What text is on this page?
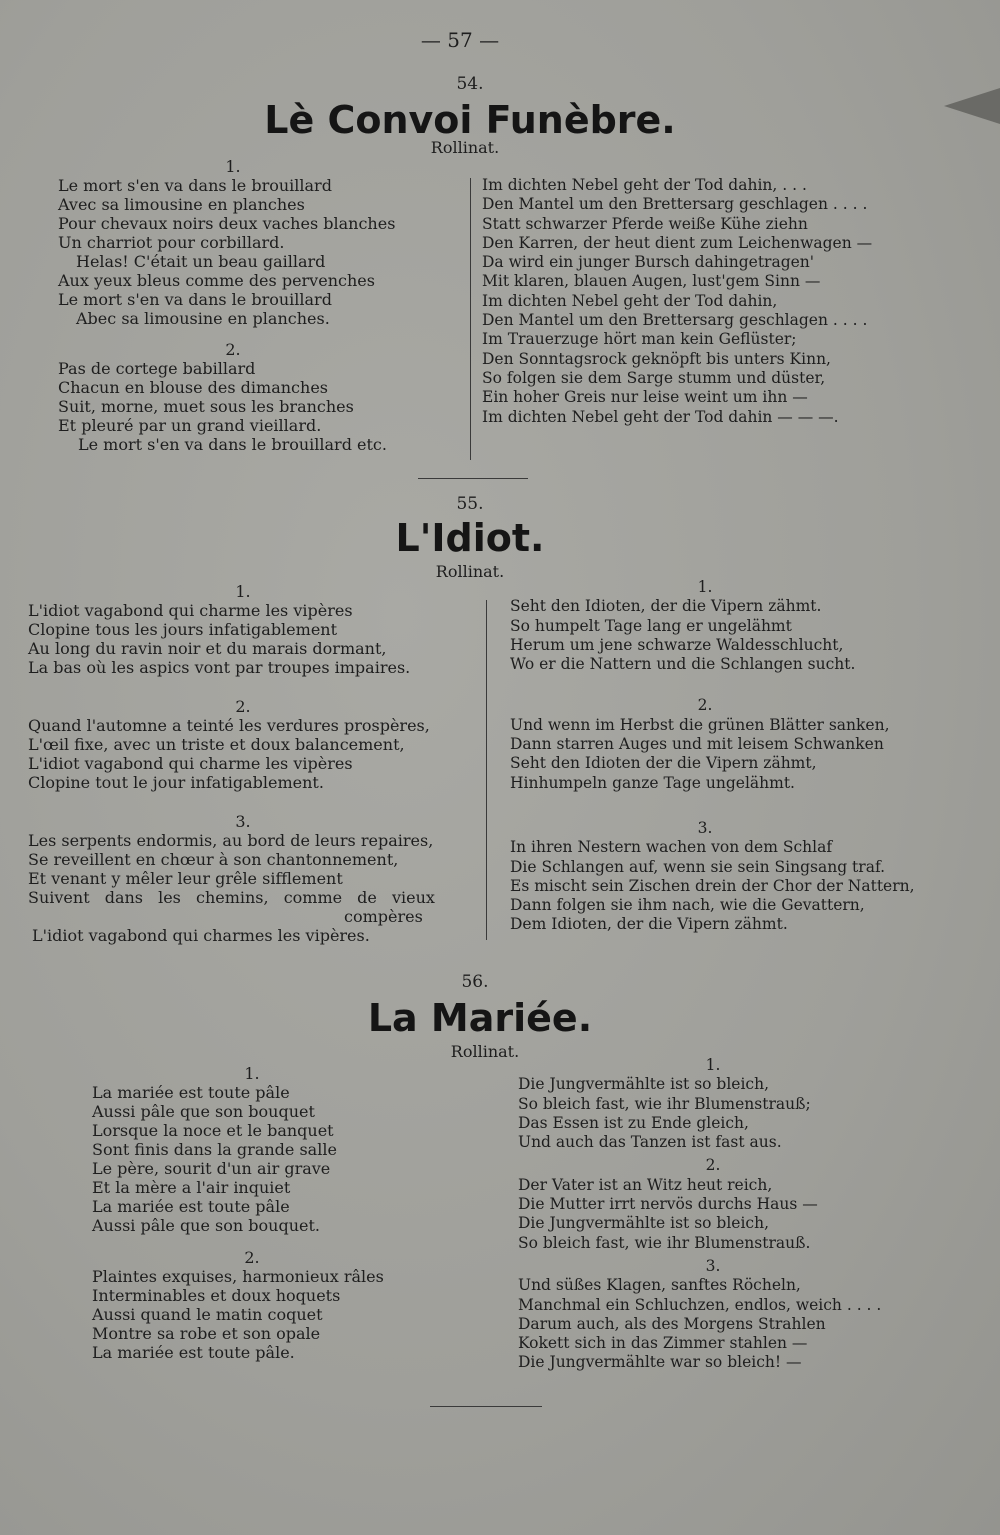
— 57 —
54.
Lè Convoi Funèbre.
Rollinat.
1.

Le mort s'en va dans le brouillard

Avec sa limousine en planches

Pour chevaux noirs deux vaches blanches

Un charriot pour corbillard.

Helas! C'était un beau gaillard

Aux yeux bleus comme des pervenches

Le mort s'en va dans le brouillard

Abec sa limousine en planches.

2.

Pas de cortege babillard

Chacun en blouse des dimanches

Suit, morne, muet sous les branches

Et pleuré par un grand vieillard.

Le mort s'en va dans le brouillard etc.

Im dichten Nebel geht der Tod dahin, . . .

Den Mantel um den Brettersarg geschlagen . . . .

Statt schwarzer Pferde weiße Kühe ziehn

Den Karren, der heut dient zum Leichenwagen —

Da wird ein junger Bursch dahingetragen'

Mit klaren, blauen Augen, lust'gem Sinn —

Im dichten Nebel geht der Tod dahin,

Den Mantel um den Brettersarg geschlagen . . . .

Im Trauerzuge hört man kein Geflüster;

Den Sonntagsrock geknöpft bis unters Kinn,

So folgen sie dem Sarge stumm und düster,

Ein hoher Greis nur leise weint um ihn —

Im dichten Nebel geht der Tod dahin — — —.

55.
L'Idiot.
Rollinat.
1.

L'idiot vagabond qui charme les vipères

Clopine tous les jours infatigablement

Au long du ravin noir et du marais dormant,

La bas où les aspics vont par troupes impaires.

2.

Quand l'automne a teinté les verdures prospères,

L'œil fixe, avec un triste et doux balancement,

L'idiot vagabond qui charme les vipères

Clopine tout le jour infatigablement.

3.

Les serpents endormis, au bord de leurs repaires,

Se reveillent en chœur à son chantonnement,

Et venant y mêler leur grêle sifflement

Suivent dans les chemins, comme de vieux

compères

L'idiot vagabond qui charmes les vipères.

1.

Seht den Idioten, der die Vipern zähmt.

So humpelt Tage lang er ungelähmt

Herum um jene schwarze Waldesschlucht,

Wo er die Nattern und die Schlangen sucht.

2.

Und wenn im Herbst die grünen Blätter sanken,

Dann starren Auges und mit leisem Schwanken

Seht den Idioten der die Vipern zähmt,

Hinhumpeln ganze Tage ungelähmt.

3.

In ihren Nestern wachen von dem Schlaf

Die Schlangen auf, wenn sie sein Singsang traf.

Es mischt sein Zischen drein der Chor der Nattern,

Dann folgen sie ihm nach, wie die Gevattern,

Dem Idioten, der die Vipern zähmt.

56.
La Mariée.
Rollinat.
1.

La mariée est toute pâle

Aussi pâle que son bouquet

Lorsque la noce et le banquet

Sont finis dans la grande salle

Le père, sourit d'un air grave

Et la mère a l'air inquiet

La mariée est toute pâle

Aussi pâle que son bouquet.

2.

Plaintes exquises, harmonieux râles

Interminables et doux hoquets

Aussi quand le matin coquet

Montre sa robe et son opale

La mariée est toute pâle.

1.

Die Jungvermählte ist so bleich,

So bleich fast, wie ihr Blumenstrauß;

Das Essen ist zu Ende gleich,

Und auch das Tanzen ist fast aus.

2.

Der Vater ist an Witz heut reich,

Die Mutter irrt nervös durchs Haus —

Die Jungvermählte ist so bleich,

So bleich fast, wie ihr Blumenstrauß.

3.

Und süßes Klagen, sanftes Röcheln,

Manchmal ein Schluchzen, endlos, weich . . . .

Darum auch, als des Morgens Strahlen

Kokett sich in das Zimmer stahlen —

Die Jungvermählte war so bleich! —
